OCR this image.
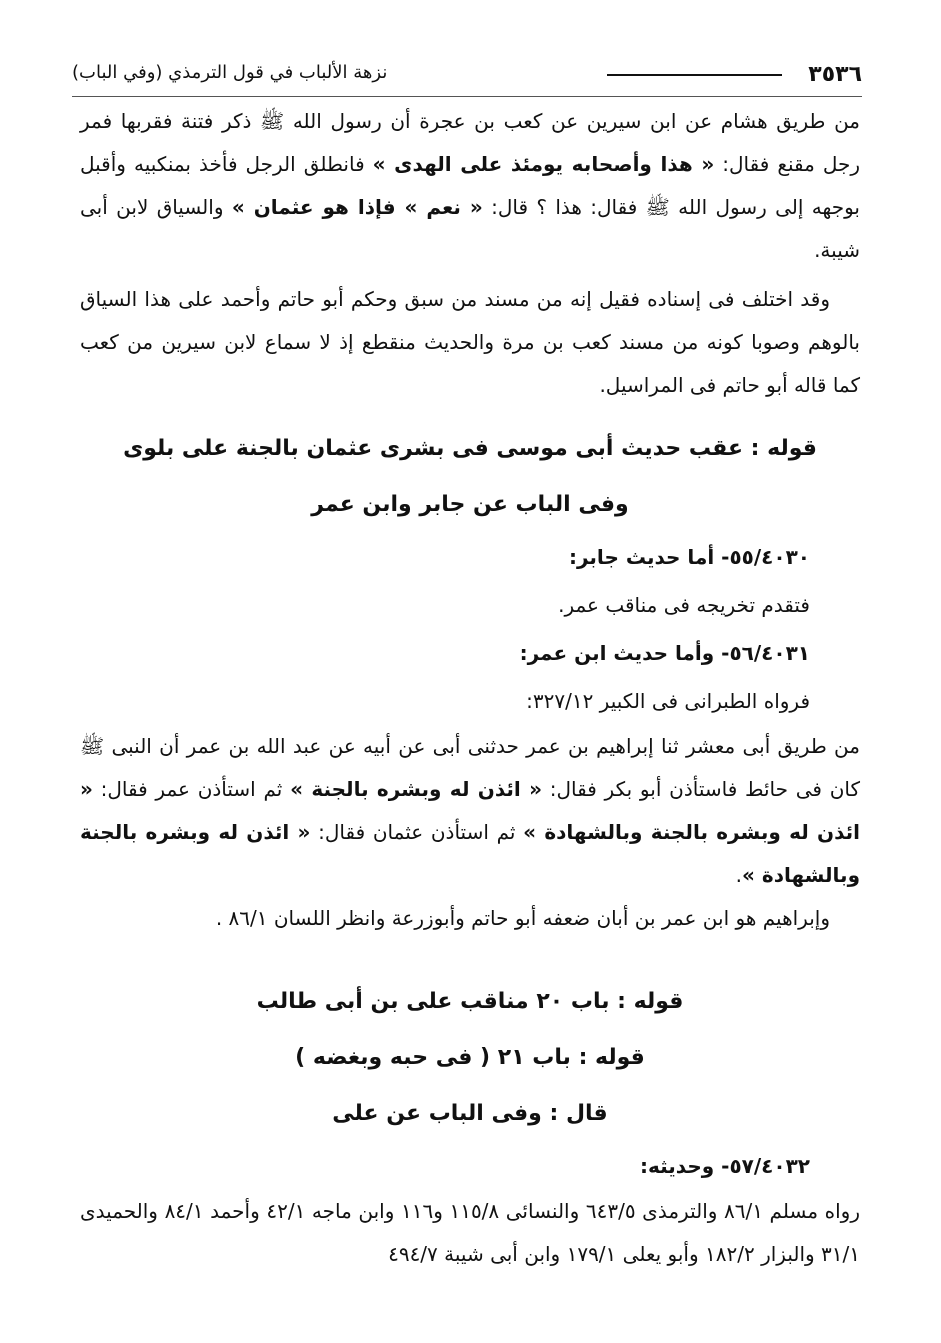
٣٥٣٦
نزهة الألباب في قول الترمذي (وفي الباب)

من طريق هشام عن ابن سيرين عن كعب بن عجرة أن رسول الله ﷺ ذكر فتنة فقربها فمر رجل مقنع فقال: « هذا وأصحابه يومئذ على الهدى » فانطلق الرجل فأخذ بمنكبيه وأقبل بوجهه إلى رسول الله ﷺ فقال: هذا ؟ قال: « نعم » فإذا هو عثمان » والسياق لابن أبى شيبة.

وقد اختلف فى إسناده فقيل إنه من مسند من سبق وحكم أبو حاتم وأحمد على هذا السياق بالوهم وصوبا كونه من مسند كعب بن مرة والحديث منقطع إذ لا سماع لابن سيرين من كعب كما قاله أبو حاتم فى المراسيل.

قوله : عقب حديث أبى موسى فى بشرى عثمان بالجنة على بلوى

وفى الباب عن جابر وابن عمر

٥٥/٤٠٣٠- أما حديث جابر:

فتقدم تخريجه فى مناقب عمر.

٥٦/٤٠٣١- وأما حديث ابن عمر:

فرواه الطبرانى فى الكبير ٣٢٧/١٢:

من طريق أبى معشر ثنا إبراهيم بن عمر حدثنى أبى عن أبيه عن عبد الله بن عمر أن النبى ﷺ كان فى حائط فاستأذن أبو بكر فقال: « ائذن له وبشره بالجنة » ثم استأذن عمر فقال: « ائذن له وبشره بالجنة وبالشهادة » ثم استأذن عثمان فقال: « ائذن له وبشره بالجنة وبالشهادة ».

وإبراهيم هو ابن عمر بن أبان ضعفه أبو حاتم وأبوزرعة وانظر اللسان ٨٦/١ .

قوله : باب ٢٠ مناقب على بن أبى طالب

قوله : باب ٢١ ( فى حبه وبغضه )

قال : وفى الباب عن على

٥٧/٤٠٣٢- وحديثه:

رواه مسلم ٨٦/١ والترمذى ٦٤٣/٥ والنسائى ١١٥/٨ و١١٦ وابن ماجه ٤٢/١ وأحمد ٨٤/١ والحميدى ٣١/١ والبزار ١٨٢/٢ وأبو يعلى ١٧٩/١ وابن أبى شيبة ٤٩٤/٧
